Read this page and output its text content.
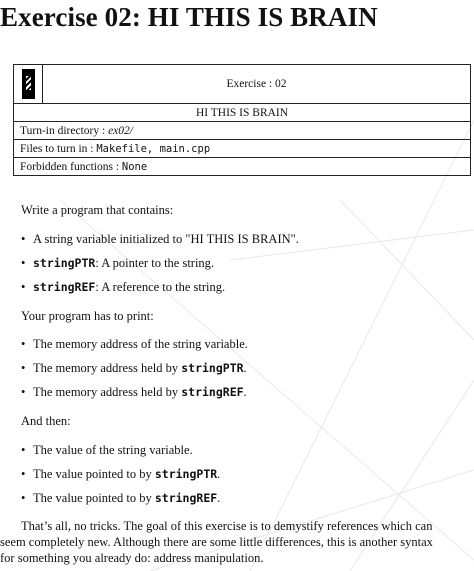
Exercise 02: HI THIS IS BRAIN
	Exercise : 02
HI THIS IS BRAIN
Turn-in directory : ex02/
Files to turn in : Makefile, main.cpp
Forbidden functions : None

Write a program that contains:

• A string variable initialized to "HI THIS IS BRAIN".

• stringPTR: A pointer to the string.

• stringREF: A reference to the string.

Your program has to print:

• The memory address of the string variable.

• The memory address held by stringPTR.

• The memory address held by stringREF.

And then:

• The value of the string variable.

• The value pointed to by stringPTR.

• The value pointed to by stringREF.

That’s all, no tricks. The goal of this exercise is to demystify references which can
seem completely new. Although there are some little differences, this is another syntax
for something you already do: address manipulation.
